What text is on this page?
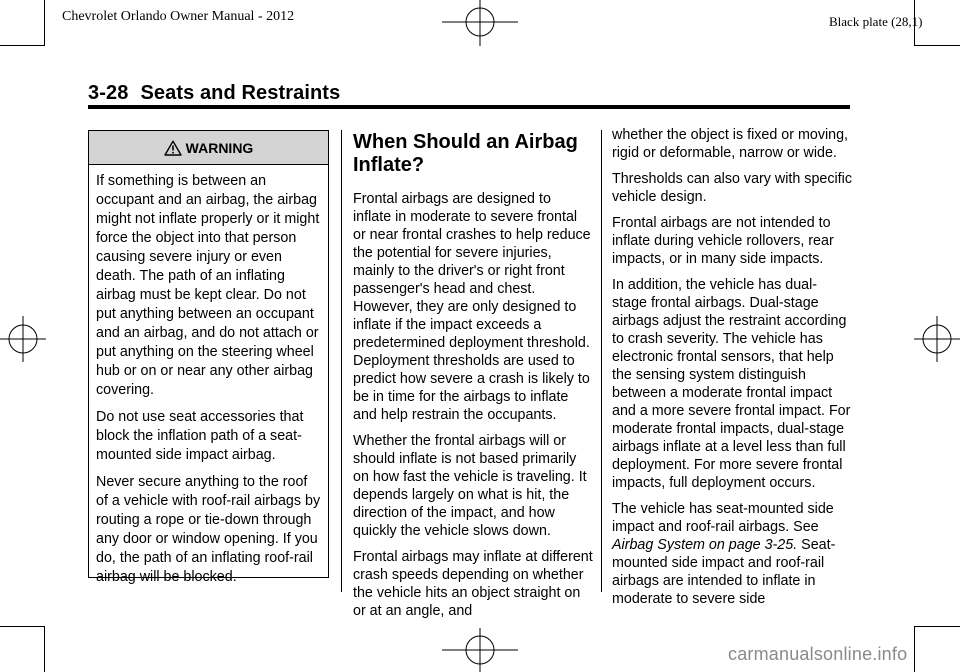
Chevrolet Orlando Owner Manual - 2012	Black plate (28,1)
3-28 Seats and Restraints
WARNING

If something is between an occupant and an airbag, the airbag might not inflate properly or it might force the object into that person causing severe injury or even death. The path of an inflating airbag must be kept clear. Do not put anything between an occupant and an airbag, and do not attach or put anything on the steering wheel hub or on or near any other airbag covering.

Do not use seat accessories that block the inflation path of a seat-mounted side impact airbag.

Never secure anything to the roof of a vehicle with roof-rail airbags by routing a rope or tie-down through any door or window opening. If you do, the path of an inflating roof-rail airbag will be blocked.

When Should an Airbag Inflate?

Frontal airbags are designed to inflate in moderate to severe frontal or near frontal crashes to help reduce the potential for severe injuries, mainly to the driver's or right front passenger's head and chest. However, they are only designed to inflate if the impact exceeds a predetermined deployment threshold. Deployment thresholds are used to predict how severe a crash is likely to be in time for the airbags to inflate and help restrain the occupants.

Whether the frontal airbags will or should inflate is not based primarily on how fast the vehicle is traveling. It depends largely on what is hit, the direction of the impact, and how quickly the vehicle slows down.

Frontal airbags may inflate at different crash speeds depending on whether the vehicle hits an object straight on or at an angle, and

whether the object is fixed or moving, rigid or deformable, narrow or wide.

Thresholds can also vary with specific vehicle design.

Frontal airbags are not intended to inflate during vehicle rollovers, rear impacts, or in many side impacts.

In addition, the vehicle has dual-stage frontal airbags. Dual-stage airbags adjust the restraint according to crash severity. The vehicle has electronic frontal sensors, that help the sensing system distinguish between a moderate frontal impact and a more severe frontal impact. For moderate frontal impacts, dual-stage airbags inflate at a level less than full deployment. For more severe frontal impacts, full deployment occurs.

The vehicle has seat-mounted side impact and roof-rail airbags. See Airbag System on page 3-25. Seat-mounted side impact and roof-rail airbags are intended to inflate in moderate to severe side

carmanualsonline.info
